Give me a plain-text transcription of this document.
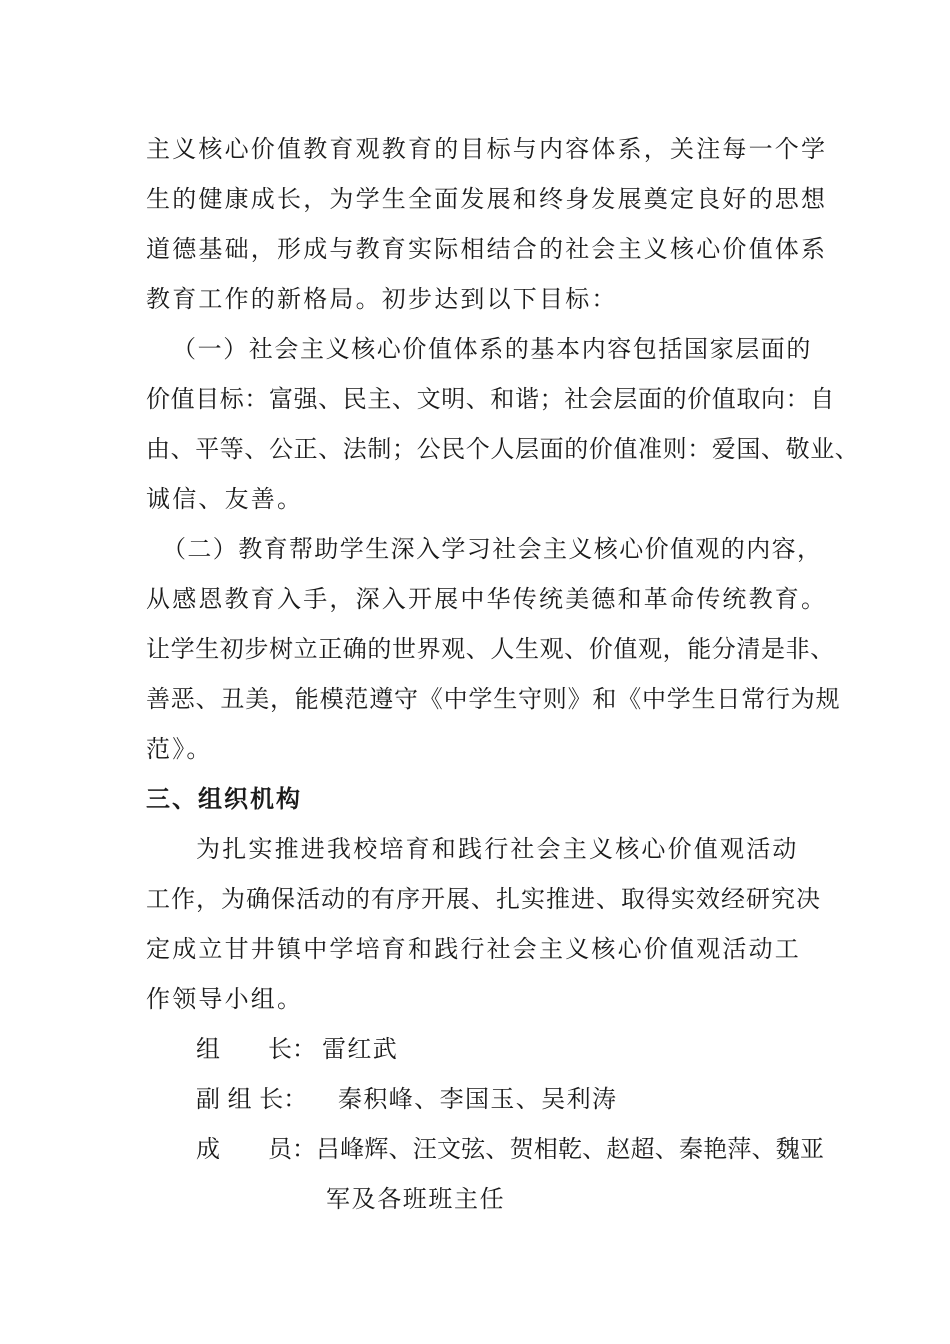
主义核心价值教育观教育的目标与内容体系，关注每一个学
生的健康成长，为学生全面发展和终身发展奠定良好的思想
道德基础，形成与教育实际相结合的社会主义核心价值体系
教育工作的新格局。初步达到以下目标：
（一）社会主义核心价值体系的基本内容包括国家层面的
价值目标：富强、民主、文明、和谐；社会层面的价值取向：自
由、平等、公正、法制；公民个人层面的价值准则：爱国、敬业、
诚信、友善。
（二）教育帮助学生深入学习社会主义核心价值观的内容，
从感恩教育入手，深入开展中华传统美德和革命传统教育。
让学生初步树立正确的世界观、人生观、价值观，能分清是非、
善恶、丑美，能模范遵守《中学生守则》和《中学生日常行为规
范》。
三、组织机构
为扎实推进我校培育和践行社会主义核心价值观活动
工作，为确保活动的有序开展、扎实推进、取得实效经研究决
定成立甘井镇中学培育和践行社会主义核心价值观活动工
作领导小组。
组　　长： 雷红武
副 组 长： 秦积峰、李国玉、吴利涛
成　　员： 吕峰辉、汪文弦、贺相乾、赵超、秦艳萍、魏亚
军及各班班主任
